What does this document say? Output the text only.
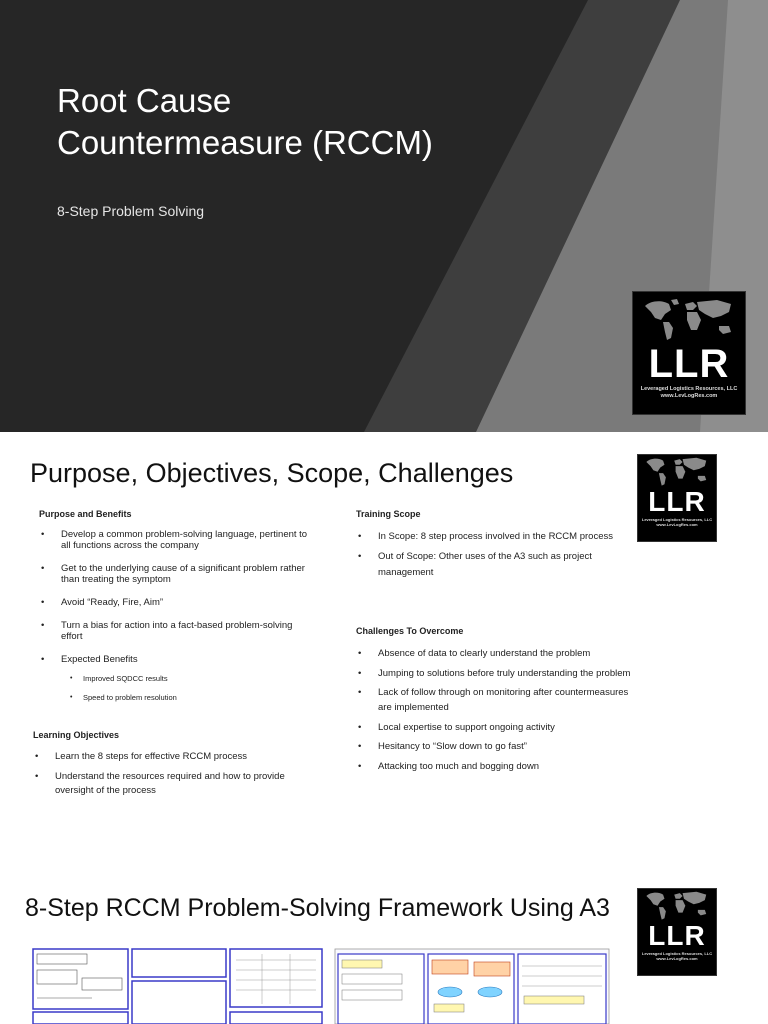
Root Cause
Countermeasure (RCCM)
8-Step Problem Solving
LLR
Leveraged Logistics Resources, LLC
www.LevLogRes.com
Purpose, Objectives, Scope, Challenges
LLR
Leveraged Logistics Resources, LLC
www.LevLogRes.com
Purpose and Benefits
• Develop a common problem-solving language, pertinent to all functions across the company
• Get to the underlying cause of a significant problem rather than treating the symptom
• Avoid “Ready, Fire, Aim”
• Turn a bias for action into a fact-based problem-solving effort
• Expected Benefits
• Improved SQDCC results
• Speed to problem resolution
Learning Objectives
• Learn the 8 steps for effective RCCM process
• Understand the resources required and how to provide oversight of the process
Training Scope
• In Scope: 8 step process involved in the RCCM process
• Out of Scope: Other uses of the A3 such as project management
Challenges To Overcome
• Absence of data to clearly understand the problem
• Jumping to solutions before truly understanding the problem
• Lack of follow through on monitoring after countermeasures are implemented
• Local expertise to support ongoing activity
• Hesitancy to “Slow down to go fast”
• Attacking too much and bogging down
8-Step RCCM Problem-Solving Framework Using A3
LLR
Leveraged Logistics Resources, LLC
www.LevLogRes.com
